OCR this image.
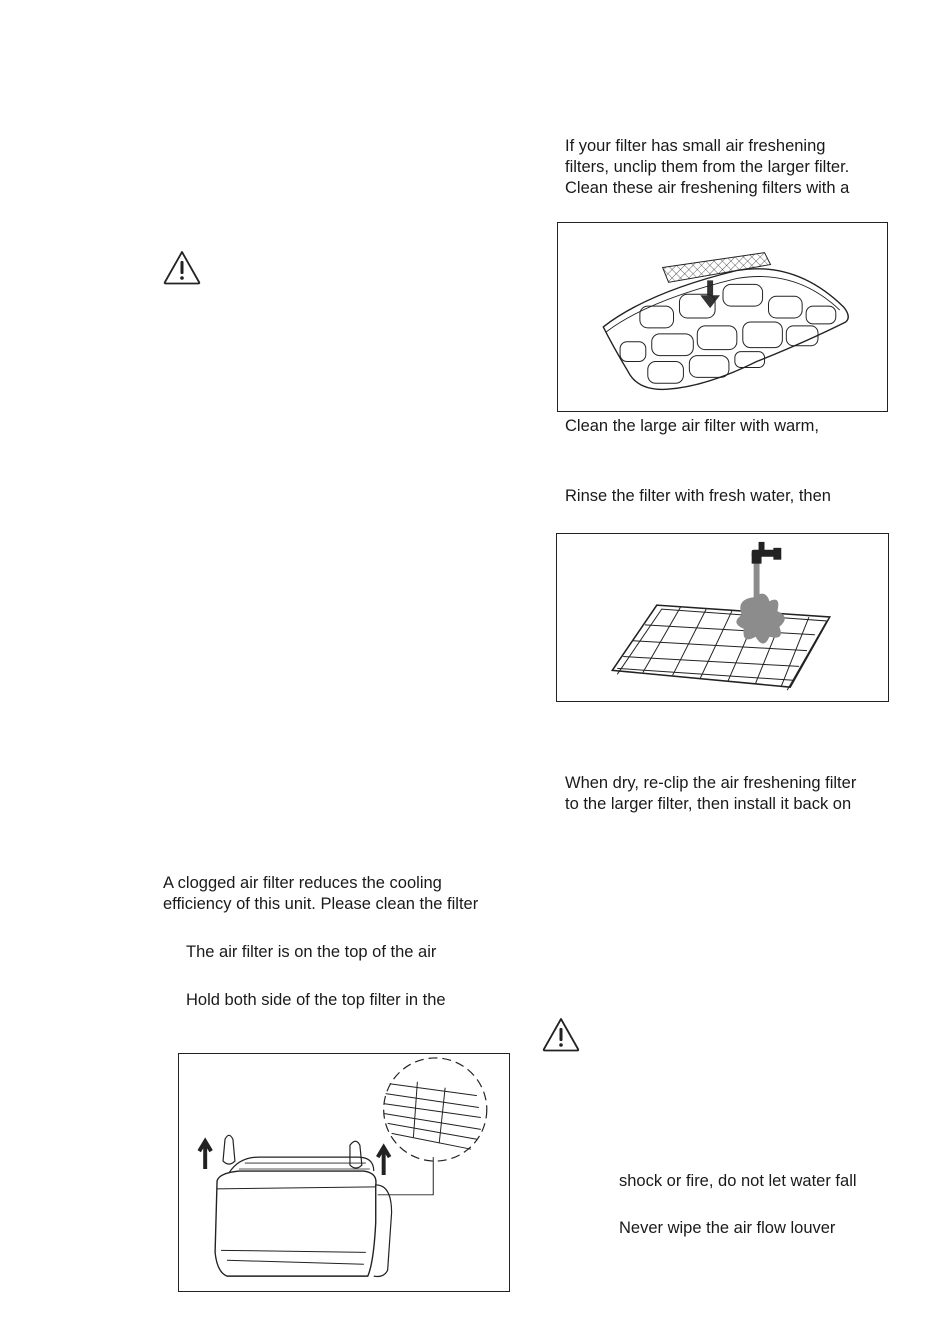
If your filter has small air freshening

filters, unclip them from the larger filter.

Clean these air freshening filters with a

Clean the large air filter with warm,

Rinse the filter with fresh water, then

When dry, re-clip the air freshening filter

to the larger filter, then install it back on

A clogged air filter reduces the cooling

efficiency of this unit. Please clean the filter

The air filter is on the top of the air

Hold both side of the top filter in the

shock or fire, do not let water fall

Never wipe the air flow louver
